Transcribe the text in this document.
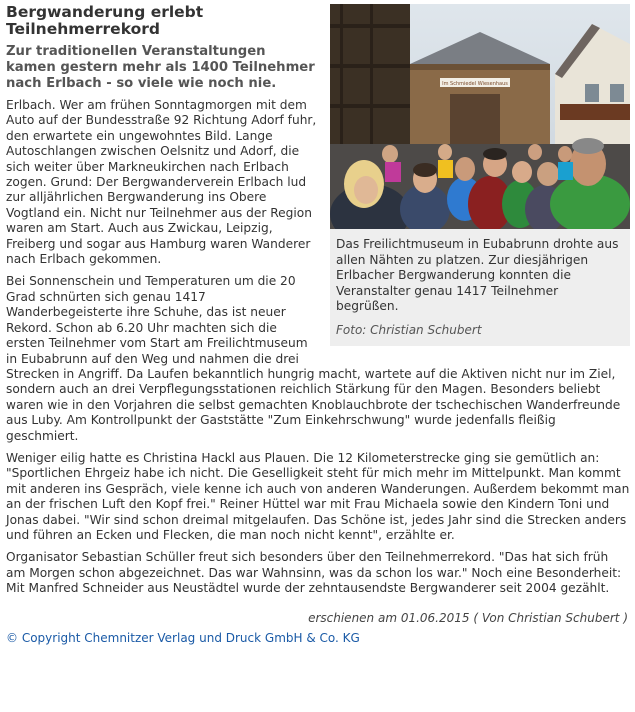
Im Schmiedel Wiesenhaus
Das Freilichtmuseum in Eubabrunn drohte aus allen Nähten zu platzen. Zur diesjährigen Erlbacher Bergwanderung konnten die Veranstalter genau 1417 Teilnehmer begrüßen.
Foto: Christian Schubert
Bergwanderung erlebt Teilnehmerrekord
Zur traditionellen Veranstaltungen kamen gestern mehr als 1400 Teilnehmer nach Erlbach - so viele wie noch nie.

Erlbach. Wer am frühen Sonntagmorgen mit dem Auto auf der Bundesstraße 92 Richtung Adorf fuhr, den erwartete ein ungewohntes Bild. Lange Autoschlangen zwischen Oelsnitz und Adorf, die sich weiter über Markneukirchen nach Erlbach zogen. Grund: Der Bergwanderverein Erlbach lud zur alljährlichen Bergwanderung ins Obere Vogtland ein. Nicht nur Teilnehmer aus der Region waren am Start. Auch aus Zwickau, Leipzig, Freiberg und sogar aus Hamburg waren Wanderer nach Erlbach gekommen.

Bei Sonnenschein und Temperaturen um die 20 Grad schnürten sich genau 1417 Wanderbegeisterte ihre Schuhe, das ist neuer Rekord. Schon ab 6.20 Uhr machten sich die ersten Teilnehmer vom Start am Freilichtmuseum in Eubabrunn auf den Weg und nahmen die drei Strecken in Angriff. Da Laufen bekanntlich hungrig macht, wartete auf die Aktiven nicht nur im Ziel, sondern auch an drei Verpflegungsstationen reichlich Stärkung für den Magen. Besonders beliebt waren wie in den Vorjahren die selbst gemachten Knoblauchbrote der tschechischen Wanderfreunde aus Luby. Am Kontrollpunkt der Gaststätte "Zum Einkehrschwung" wurde jedenfalls fleißig geschmiert.

Weniger eilig hatte es Christina Hackl aus Plauen. Die 12 Kilometerstrecke ging sie gemütlich an: "Sportlichen Ehrgeiz habe ich nicht. Die Geselligkeit steht für mich mehr im Mittelpunkt. Man kommt mit anderen ins Gespräch, viele kenne ich auch von anderen Wanderungen. Außerdem bekommt man an der frischen Luft den Kopf frei." Reiner Hüttel war mit Frau Michaela sowie den Kindern Toni und Jonas dabei. "Wir sind schon dreimal mitgelaufen. Das Schöne ist, jedes Jahr sind die Strecken anders und führen an Ecken und Flecken, die man noch nicht kennt", erzählte er.

Organisator Sebastian Schüller freut sich besonders über den Teilnehmerrekord. "Das hat sich früh am Morgen schon abgezeichnet. Das war Wahnsinn, was da schon los war." Noch eine Besonderheit: Mit Manfred Schneider aus Neustädtel wurde der zehntausendste Bergwanderer seit 2004 gezählt.

erschienen am 01.06.2015 ( Von Christian Schubert )
© Copyright Chemnitzer Verlag und Druck GmbH & Co. KG
